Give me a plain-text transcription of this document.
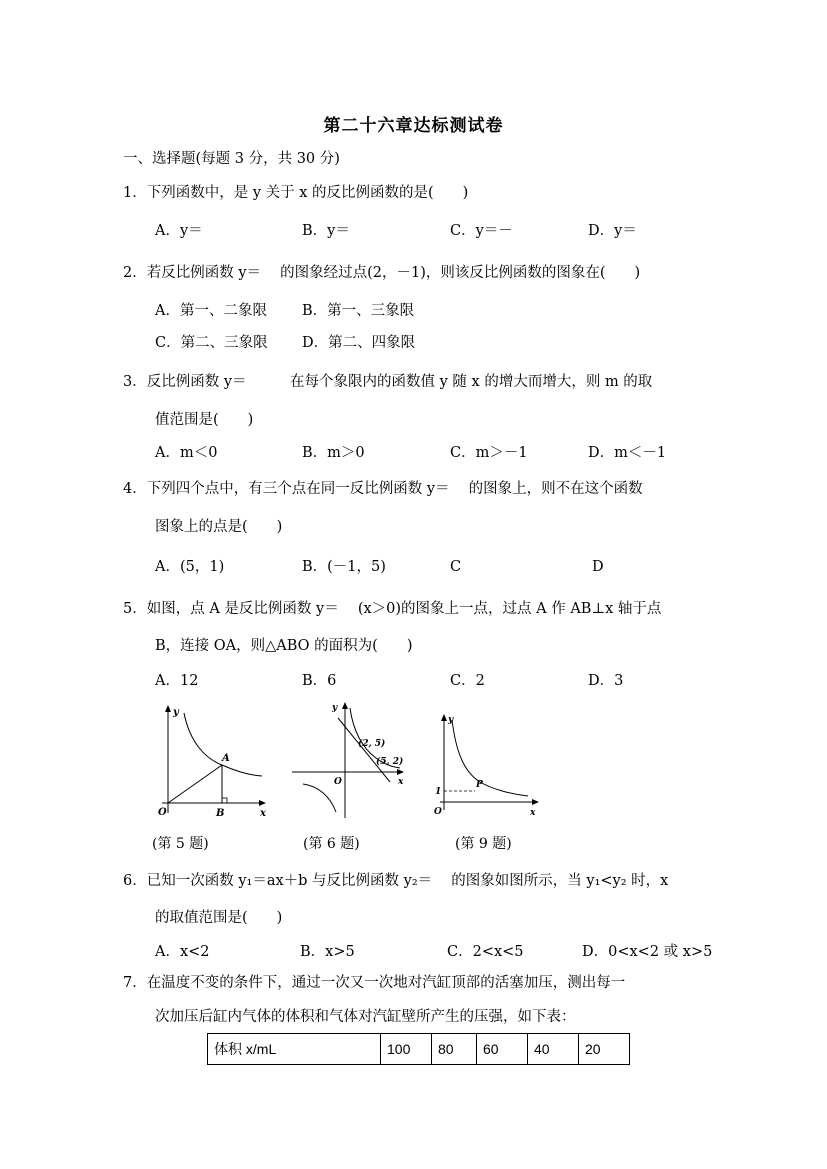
第二十六章达标测试卷
一、选择题(每题 3 分，共 30 分)
1．下列函数中，是 y 关于 x 的反比例函数的是(　　)
A．y＝	B．y＝	C．y＝－	D．y＝
2．若反比例函数 y＝　 的图象经过点(2，－1)，则该反比例函数的图象在(　　)
A．第一、二象限 B．第一、三象限
C．第二、三象限 D．第二、四象限
3．反比例函数 y＝　　　在每个象限内的函数值 y 随 x 的增大而增大，则 m 的取
值范围是(　　)
A．m＜0	B．m＞0	C．m＞－1	D．m＜－1
4．下列四个点中，有三个点在同一反比例函数 y＝　 的图象上，则不在这个函数
图象上的点是(　　)
A．(5，1)	B．(－1，5)	C	D
5．如图，点 A 是反比例函数 y＝　 (x＞0)的图象上一点，过点 A 作 AB⊥x 轴于点
B，连接 OA，则△ABO 的面积为(　　)
A．12	B．6	C．2	D．3
y
x
O
A
B
y
x
O
(2, 5)
(5, 2)
y
x
O
1
P
(第 5 题)	(第 6 题)	(第 9 题)
6．已知一次函数 y₁＝ax＋b 与反比例函数 y₂＝　 的图象如图所示，当 y₁<y₂ 时，x
的取值范围是(　　)
A．x<2	B．x>5	C．2<x<5	D．0<x<2 或 x>5
7．在温度不变的条件下，通过一次又一次地对汽缸顶部的活塞加压，测出每一
次加压后缸内气体的体积和气体对汽缸壁所产生的压强，如下表：
体积 x/mL	100	80	60	40	20
